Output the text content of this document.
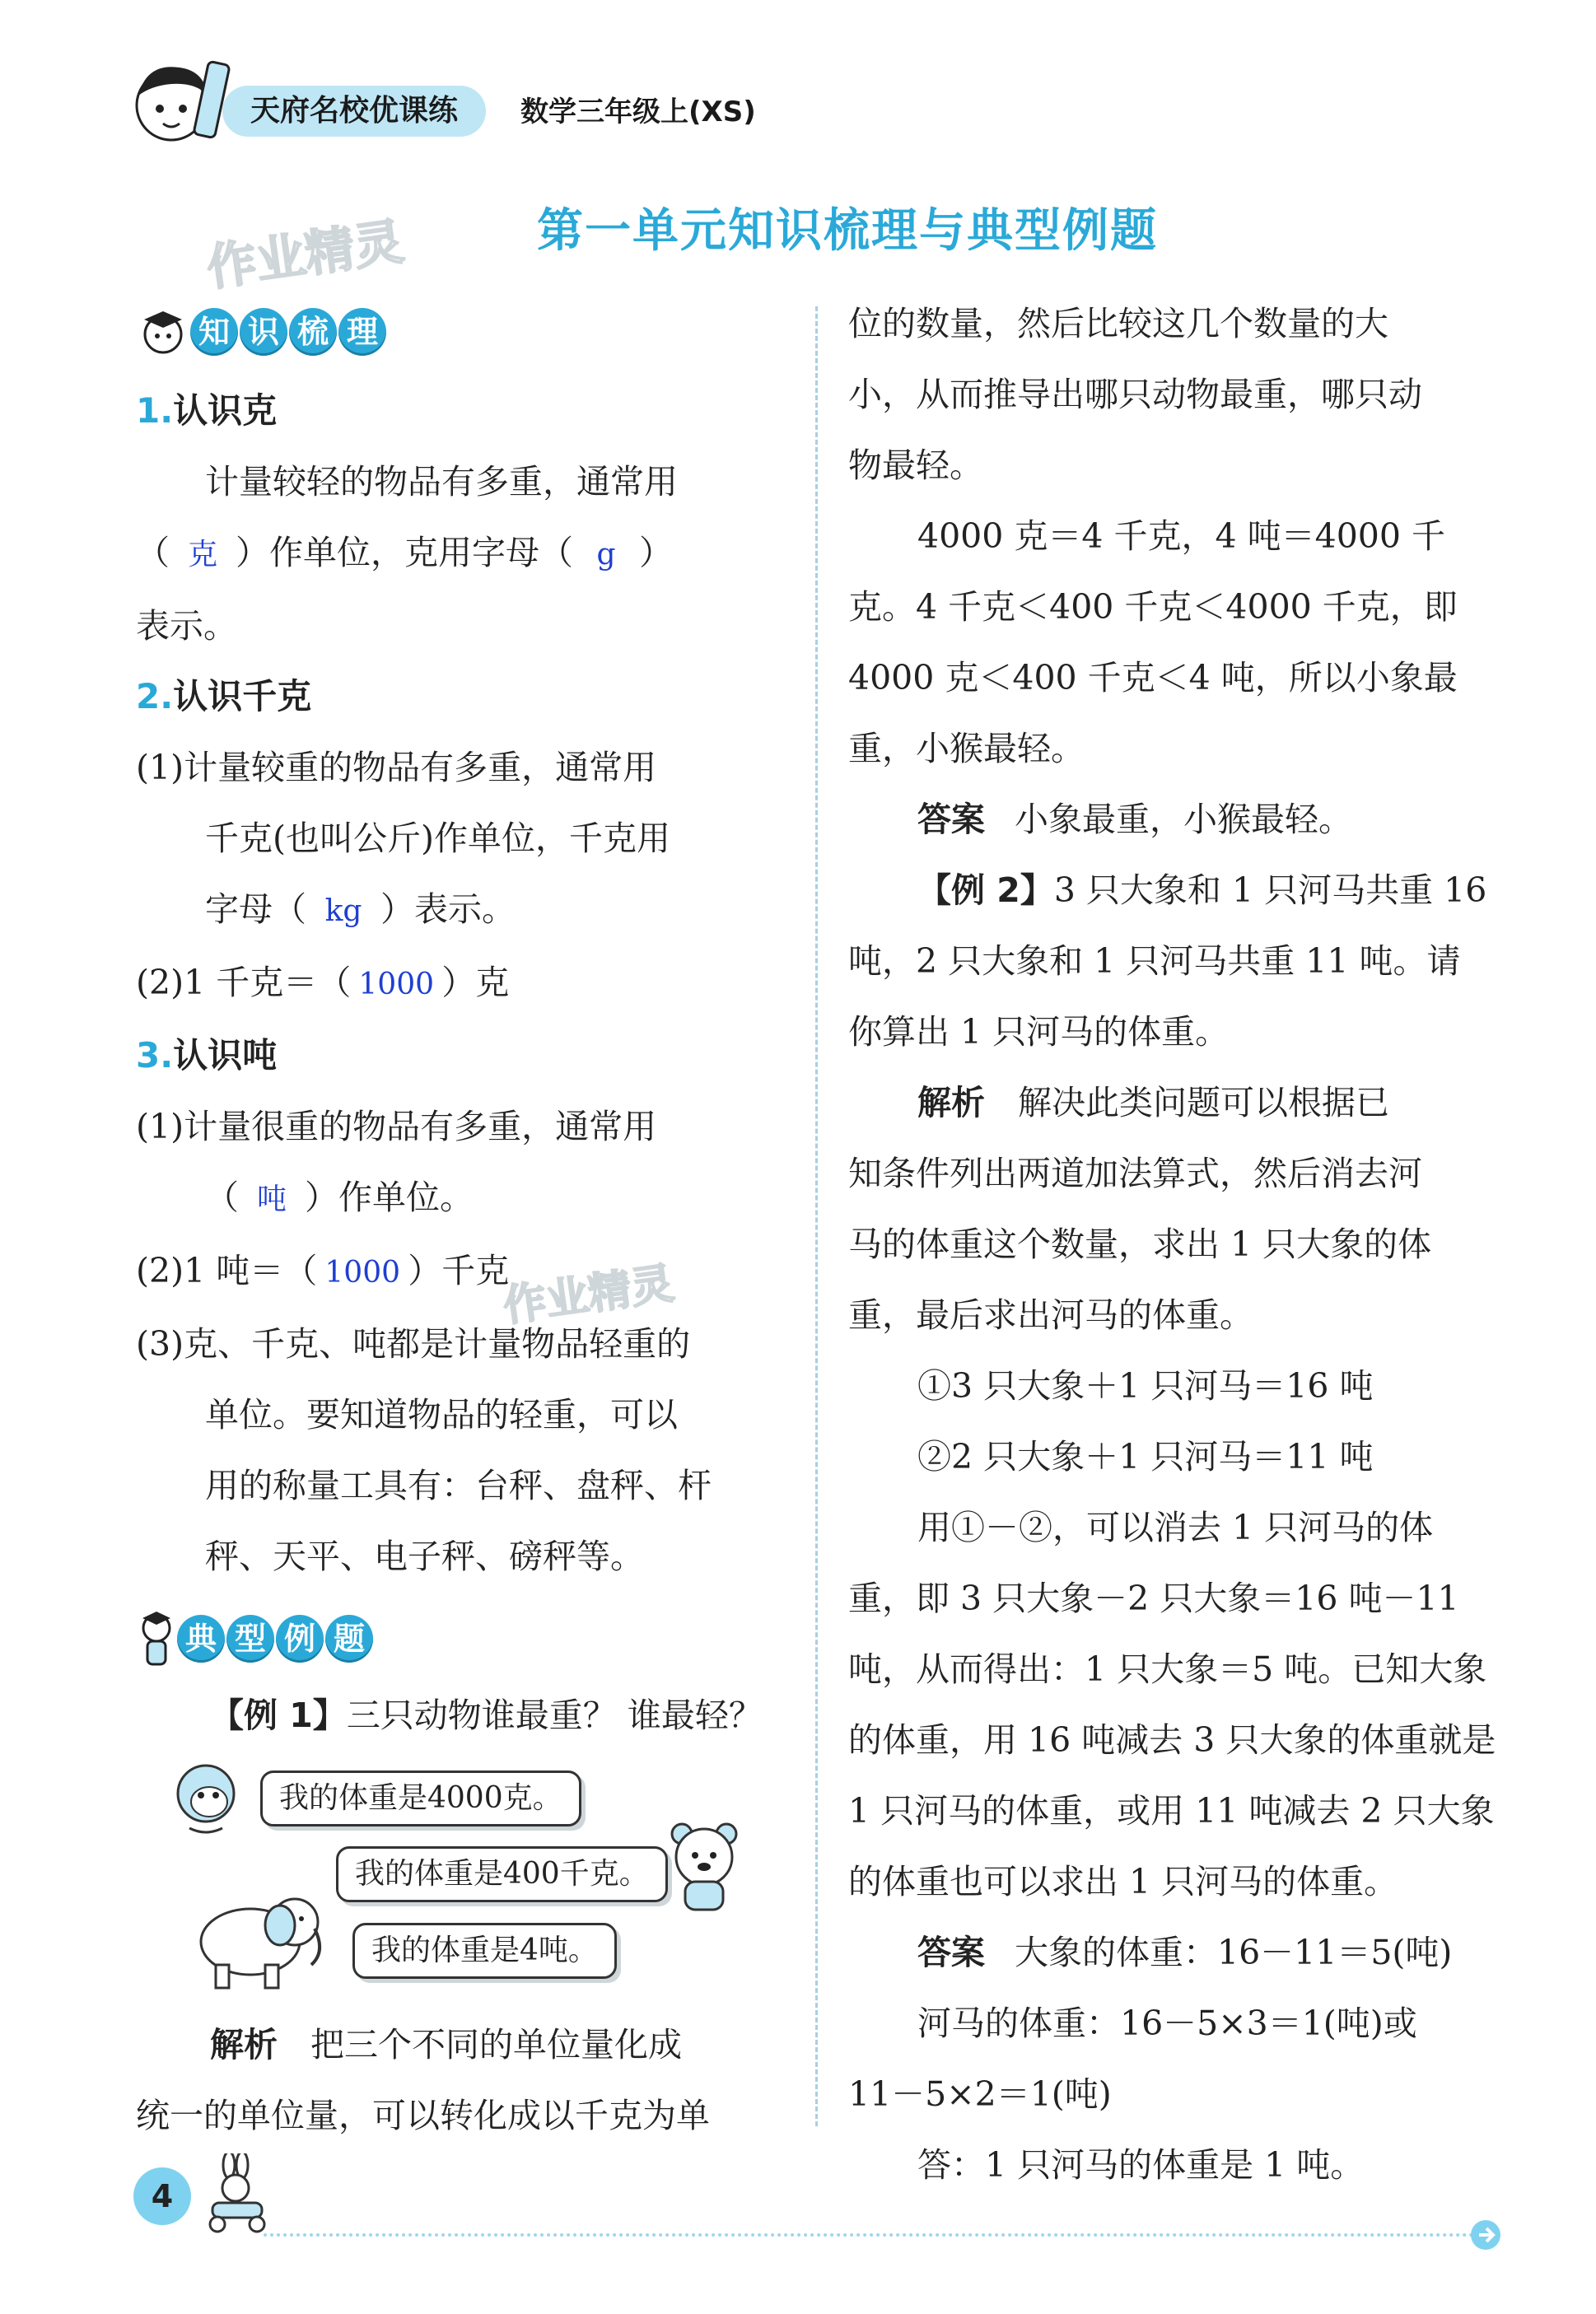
天府名校优课练	数学三年级上(XS)
作业精灵	第一单元知识梳理与典型例题
知 识 梳 理

1.认识克

计量较轻的物品有多重，通常用

（ 克 ）作单位，克用字母（ g ）

表示。

2.认识千克

(1)计量较重的物品有多重，通常用

千克(也叫公斤)作单位，千克用

字母（ kg ）表示。

(2)1 千克＝（ 1000 ）克

3.认识吨

(1)计量很重的物品有多重，通常用

（ 吨 ）作单位。

(2)1 吨＝（ 1000 ）千克

(3)克、千克、吨都是计量物品轻重的

单位。要知道物品的轻重，可以

用的称量工具有：台秤、盘秤、杆

秤、天平、电子秤、磅秤等。

作业精灵
典 型 例 题
【例 1】三只动物谁最重？ 谁最轻？
我的体重是4000克。
我的体重是400千克。
我的体重是4吨。

解析 把三个不同的单位量化成

统一的单位量，可以转化成以千克为单

位的数量，然后比较这几个数量的大

小，从而推导出哪只动物最重，哪只动

物最轻。

4000 克＝4 千克，4 吨＝4000 千

克。4 千克＜400 千克＜4000 千克，即

4000 克＜400 千克＜4 吨，所以小象最

重，小猴最轻。

答案 小象最重，小猴最轻。

【例 2】3 只大象和 1 只河马共重 16

吨，2 只大象和 1 只河马共重 11 吨。请

你算出 1 只河马的体重。

解析 解决此类问题可以根据已

知条件列出两道加法算式，然后消去河

马的体重这个数量，求出 1 只大象的体

重，最后求出河马的体重。

①3 只大象＋1 只河马＝16 吨

②2 只大象＋1 只河马＝11 吨

用①－②，可以消去 1 只河马的体

重，即 3 只大象－2 只大象＝16 吨－11

吨，从而得出：1 只大象＝5 吨。已知大象

的体重，用 16 吨减去 3 只大象的体重就是

1 只河马的体重，或用 11 吨减去 2 只大象

的体重也可以求出 1 只河马的体重。

答案 大象的体重：16－11＝5(吨)

河马的体重：16－5×3＝1(吨)或

11－5×2＝1(吨)

答：1 只河马的体重是 1 吨。

4
